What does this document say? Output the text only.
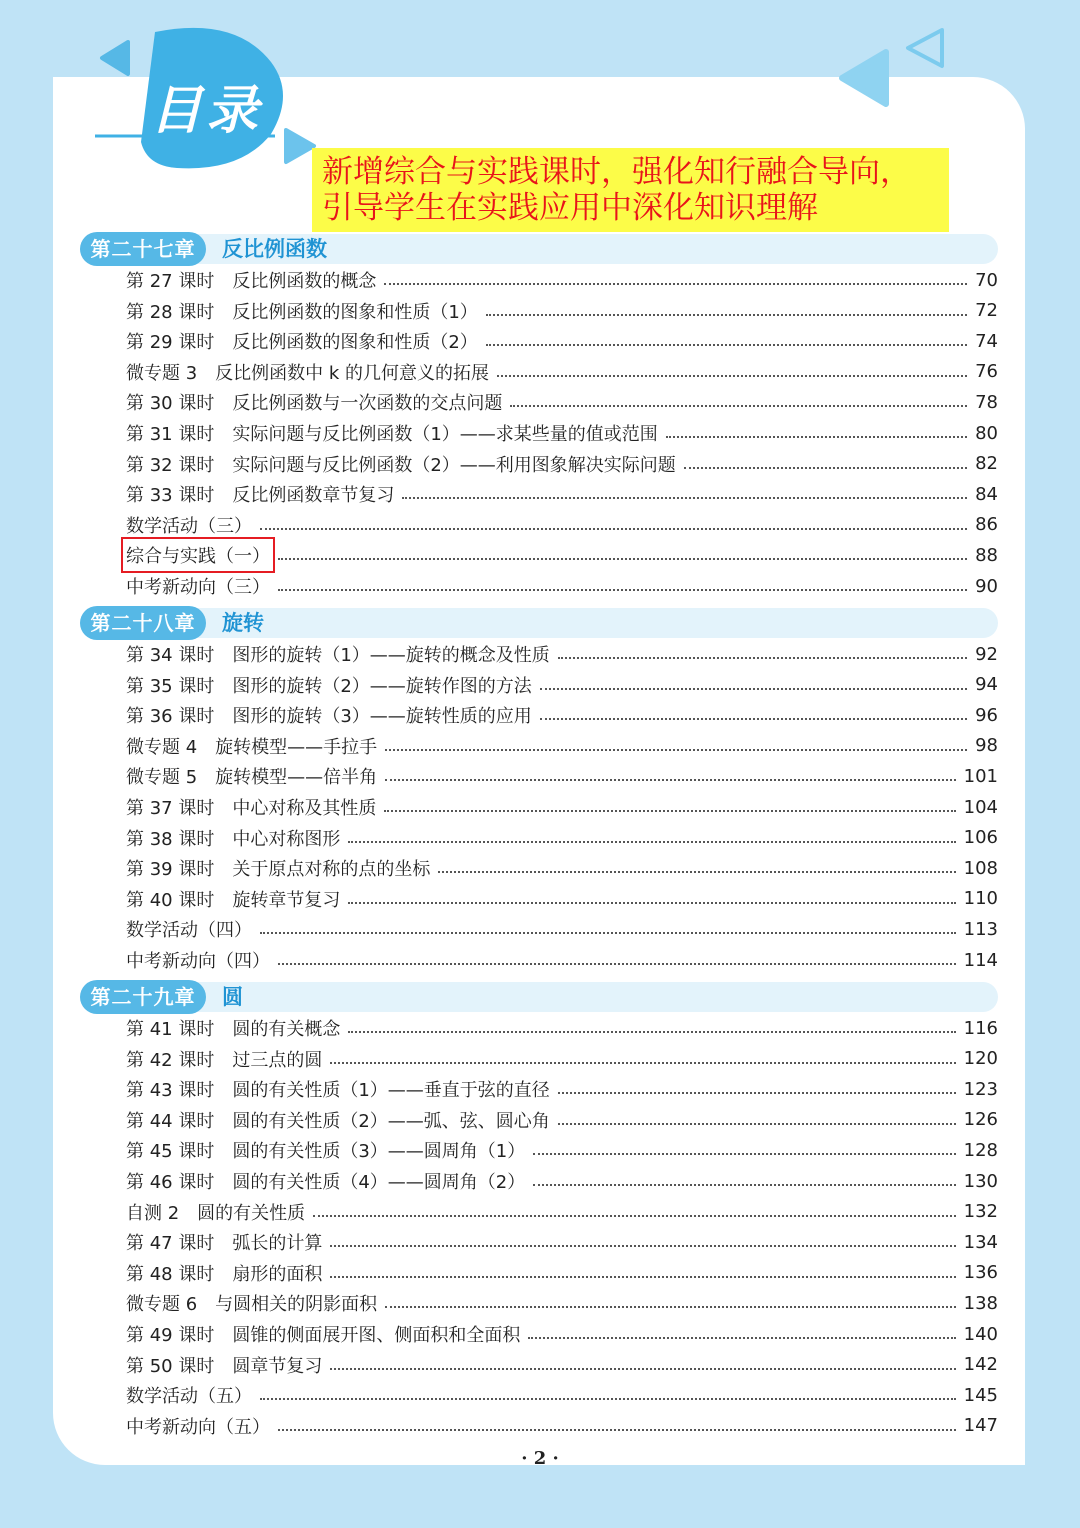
目录
新增综合与实践课时，强化知行融合导向，
引导学生在实践应用中深化知识理解
第二十七章	反比例函数
第 27 课时　反比例函数的概念	70
第 28 课时　反比例函数的图象和性质（1）	72
第 29 课时　反比例函数的图象和性质（2）	74
微专题 3　反比例函数中 k 的几何意义的拓展	76
第 30 课时　反比例函数与一次函数的交点问题	78
第 31 课时　实际问题与反比例函数（1）——求某些量的值或范围	80
第 32 课时　实际问题与反比例函数（2）——利用图象解决实际问题	82
第 33 课时　反比例函数章节复习	84
数学活动（三）	86
综合与实践（一）	88
中考新动向（三）	90
第二十八章	旋转
第 34 课时　图形的旋转（1）——旋转的概念及性质	92
第 35 课时　图形的旋转（2）——旋转作图的方法	94
第 36 课时　图形的旋转（3）——旋转性质的应用	96
微专题 4　旋转模型——手拉手	98
微专题 5　旋转模型——倍半角	101
第 37 课时　中心对称及其性质	104
第 38 课时　中心对称图形	106
第 39 课时　关于原点对称的点的坐标	108
第 40 课时　旋转章节复习	110
数学活动（四）	113
中考新动向（四）	114
第二十九章	圆
第 41 课时　圆的有关概念	116
第 42 课时　过三点的圆	120
第 43 课时　圆的有关性质（1）——垂直于弦的直径	123
第 44 课时　圆的有关性质（2）——弧、弦、圆心角	126
第 45 课时　圆的有关性质（3）——圆周角（1）	128
第 46 课时　圆的有关性质（4）——圆周角（2）	130
自测 2　圆的有关性质	132
第 47 课时　弧长的计算	134
第 48 课时　扇形的面积	136
微专题 6　与圆相关的阴影面积	138
第 49 课时　圆锥的侧面展开图、侧面积和全面积	140
第 50 课时　圆章节复习	142
数学活动（五）	145
中考新动向（五）	147
· 2 ·
